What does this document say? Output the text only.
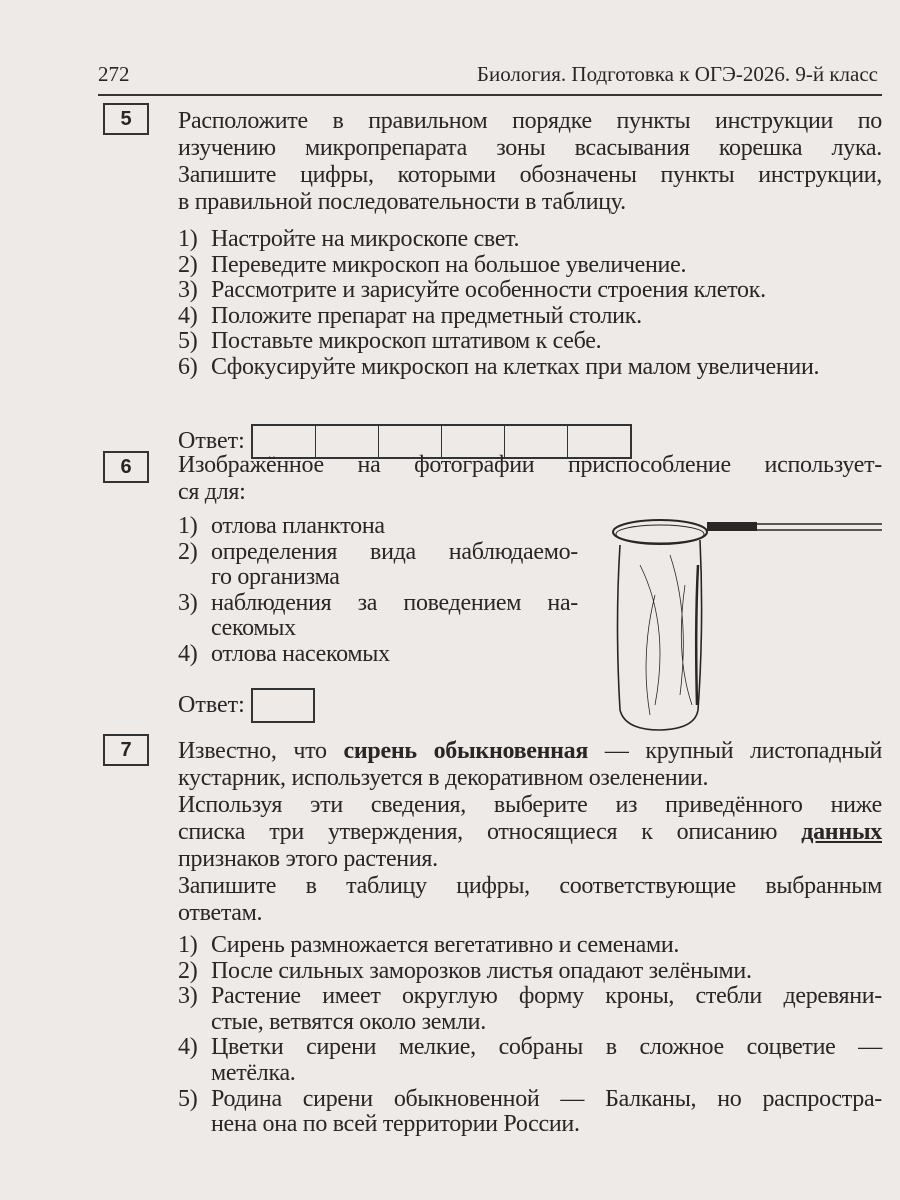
272	Биология. Подготовка к ОГЭ-2026. 9-й класс
5	Расположите в правильном порядке пункты инструкции по
изучению микропрепарата зоны всасывания корешка лука.
Запишите цифры, которыми обозначены пункты инструкции,
в правильной последовательности в таблицу.
1) Настройте на микроскопе свет.
2) Переведите микроскоп на большое увеличение.
3) Рассмотрите и зарисуйте особенности строения клеток.
4) Положите препарат на предметный столик.
5) Поставьте микроскоп штативом к себе.
6) Сфокусируйте микроскоп на клетках при малом увеличении.
Ответ:
6	Изображённое на фотографии приспособление использует-
ся для:
1) отлова планктона
2) определения вида наблюдаемо-
го организма
3) наблюдения за поведением на-
секомых
4) отлова насекомых
Ответ:
7	Известно, что сирень обыкновенная — крупный листопадный
кустарник, используется в декоративном озеленении.
Используя эти сведения, выберите из приведённого ниже
списка три утверждения, относящиеся к описанию данных
признаков этого растения.
Запишите в таблицу цифры, соответствующие выбранным
ответам.
1) Сирень размножается вегетативно и семенами.
2) После сильных заморозков листья опадают зелёными.
3) Растение имеет округлую форму кроны, стебли деревяни-
стые, ветвятся около земли.
4) Цветки сирени мелкие, собраны в сложное соцветие —
метёлка.
5) Родина сирени обыкновенной — Балканы, но распростра-
нена она по всей территории России.
